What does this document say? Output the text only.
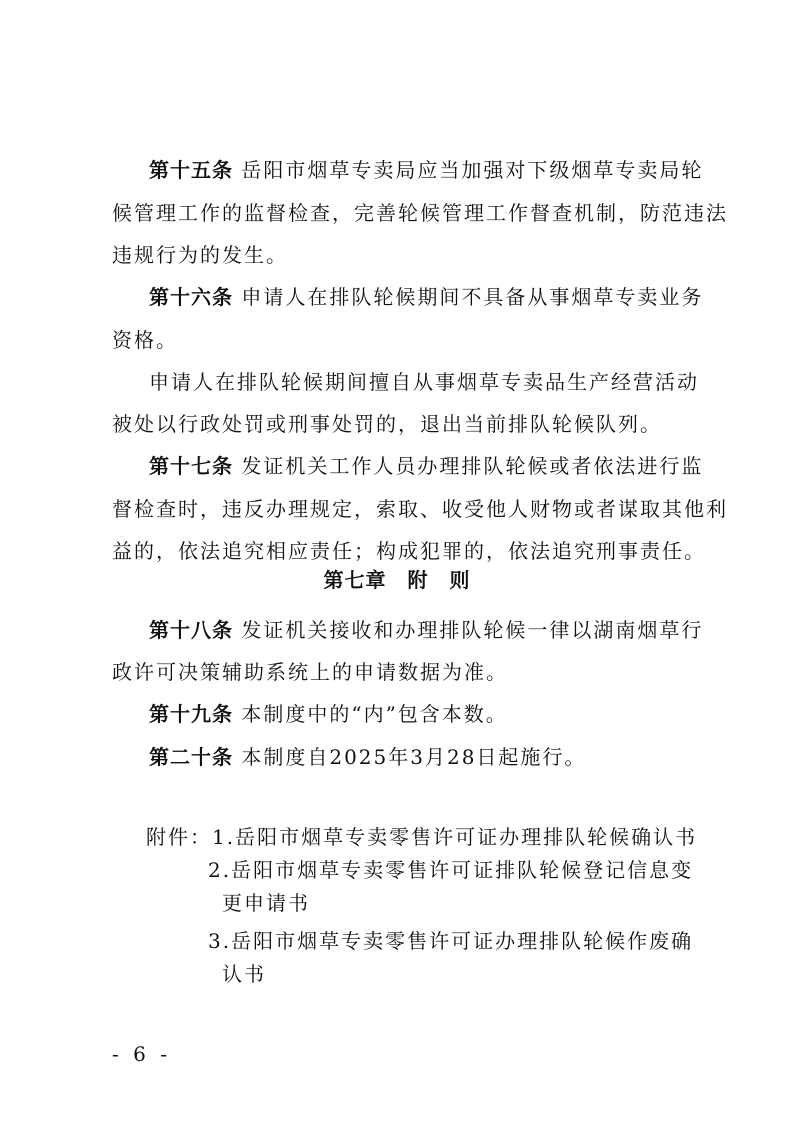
第十五条 岳阳市烟草专卖局应当加强对下级烟草专卖局轮
候管理工作的监督检查，完善轮候管理工作督查机制，防范违法
违规行为的发生。
第十六条 申请人在排队轮候期间不具备从事烟草专卖业务
资格。
申请人在排队轮候期间擅自从事烟草专卖品生产经营活动
被处以行政处罚或刑事处罚的，退出当前排队轮候队列。
第十七条 发证机关工作人员办理排队轮候或者依法进行监
督检查时，违反办理规定，索取、收受他人财物或者谋取其他利
益的，依法追究相应责任；构成犯罪的，依法追究刑事责任。
第七章　附　则
第十八条 发证机关接收和办理排队轮候一律以湖南烟草行
政许可决策辅助系统上的申请数据为准。
第十九条 本制度中的“内”包含本数。
第二十条 本制度自2025年3月28日起施行。
附件：1.岳阳市烟草专卖零售许可证办理排队轮候确认书
2.岳阳市烟草专卖零售许可证排队轮候登记信息变
更申请书
3.岳阳市烟草专卖零售许可证办理排队轮候作废确
认书
- 6 -
